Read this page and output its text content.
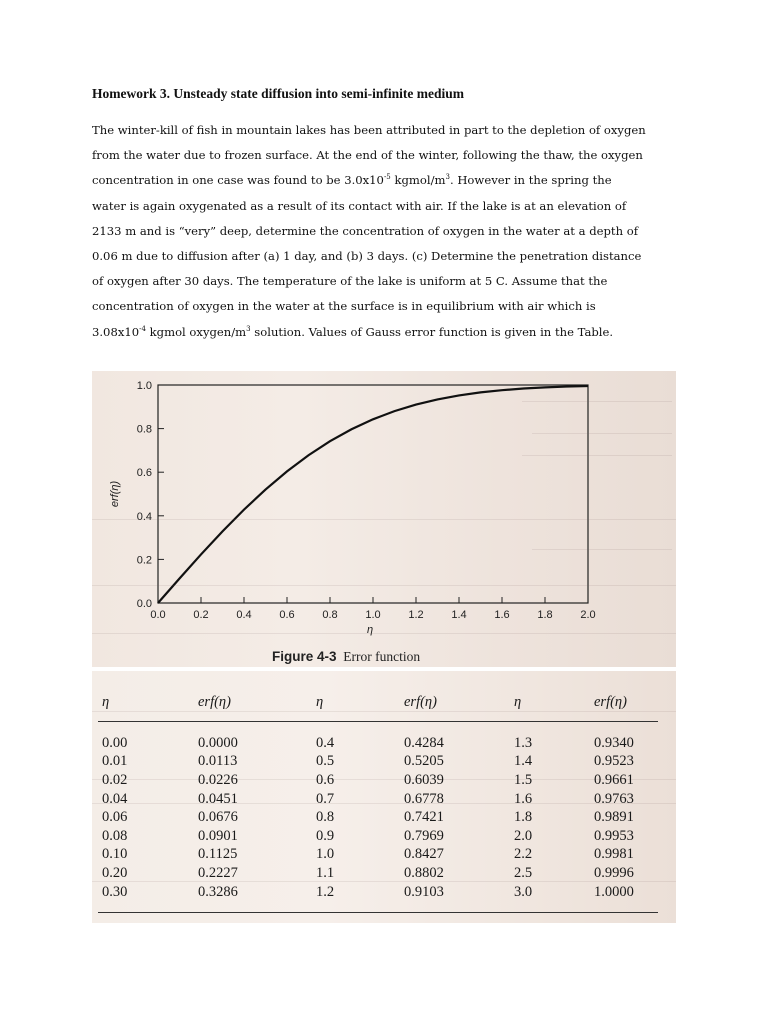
Homework 3. Unsteady state diffusion into semi-infinite medium
The winter-kill of fish in mountain lakes has been attributed in part to the depletion of oxygen
from the water due to frozen surface. At the end of the winter, following the thaw, the oxygen
concentration in one case was found to be $3.0x10^{-5}$ kgmol/$m^3$. However in the spring the
water is again oxygenated as a result of its contact with air. If the lake is at an elevation of
2133 m and is “very” deep, determine the concentration of oxygen in the water at a depth of
0.06 m due to diffusion after (a) 1 day, and (b) 3 days. (c) Determine the penetration distance
of oxygen after 30 days. The temperature of the lake is uniform at 5 C. Assume that the
concentration of oxygen in the water at the surface is in equilibrium with air which is
$3.08x10^{-4}$ kgmol oxygen/$m^3$ solution. Values of Gauss error function is given in the Table.
0.0
0.2
0.4
0.6
0.8
1.0
0.0	0.2	0.4	0.6	0.8	1.0	1.2	1.4	1.6	1.8	2.0
erf(η)
η
Figure 4-3 Error function
η	erf(η)	η	erf(η)	η	erf(η)
0.00	0.0000	0.4	0.4284	1.3	0.9340
0.01	0.0113	0.5	0.5205	1.4	0.9523
0.02	0.0226	0.6	0.6039	1.5	0.9661
0.04	0.0451	0.7	0.6778	1.6	0.9763
0.06	0.0676	0.8	0.7421	1.8	0.9891
0.08	0.0901	0.9	0.7969	2.0	0.9953
0.10	0.1125	1.0	0.8427	2.2	0.9981
0.20	0.2227	1.1	0.8802	2.5	0.9996
0.30	0.3286	1.2	0.9103	3.0	1.0000
